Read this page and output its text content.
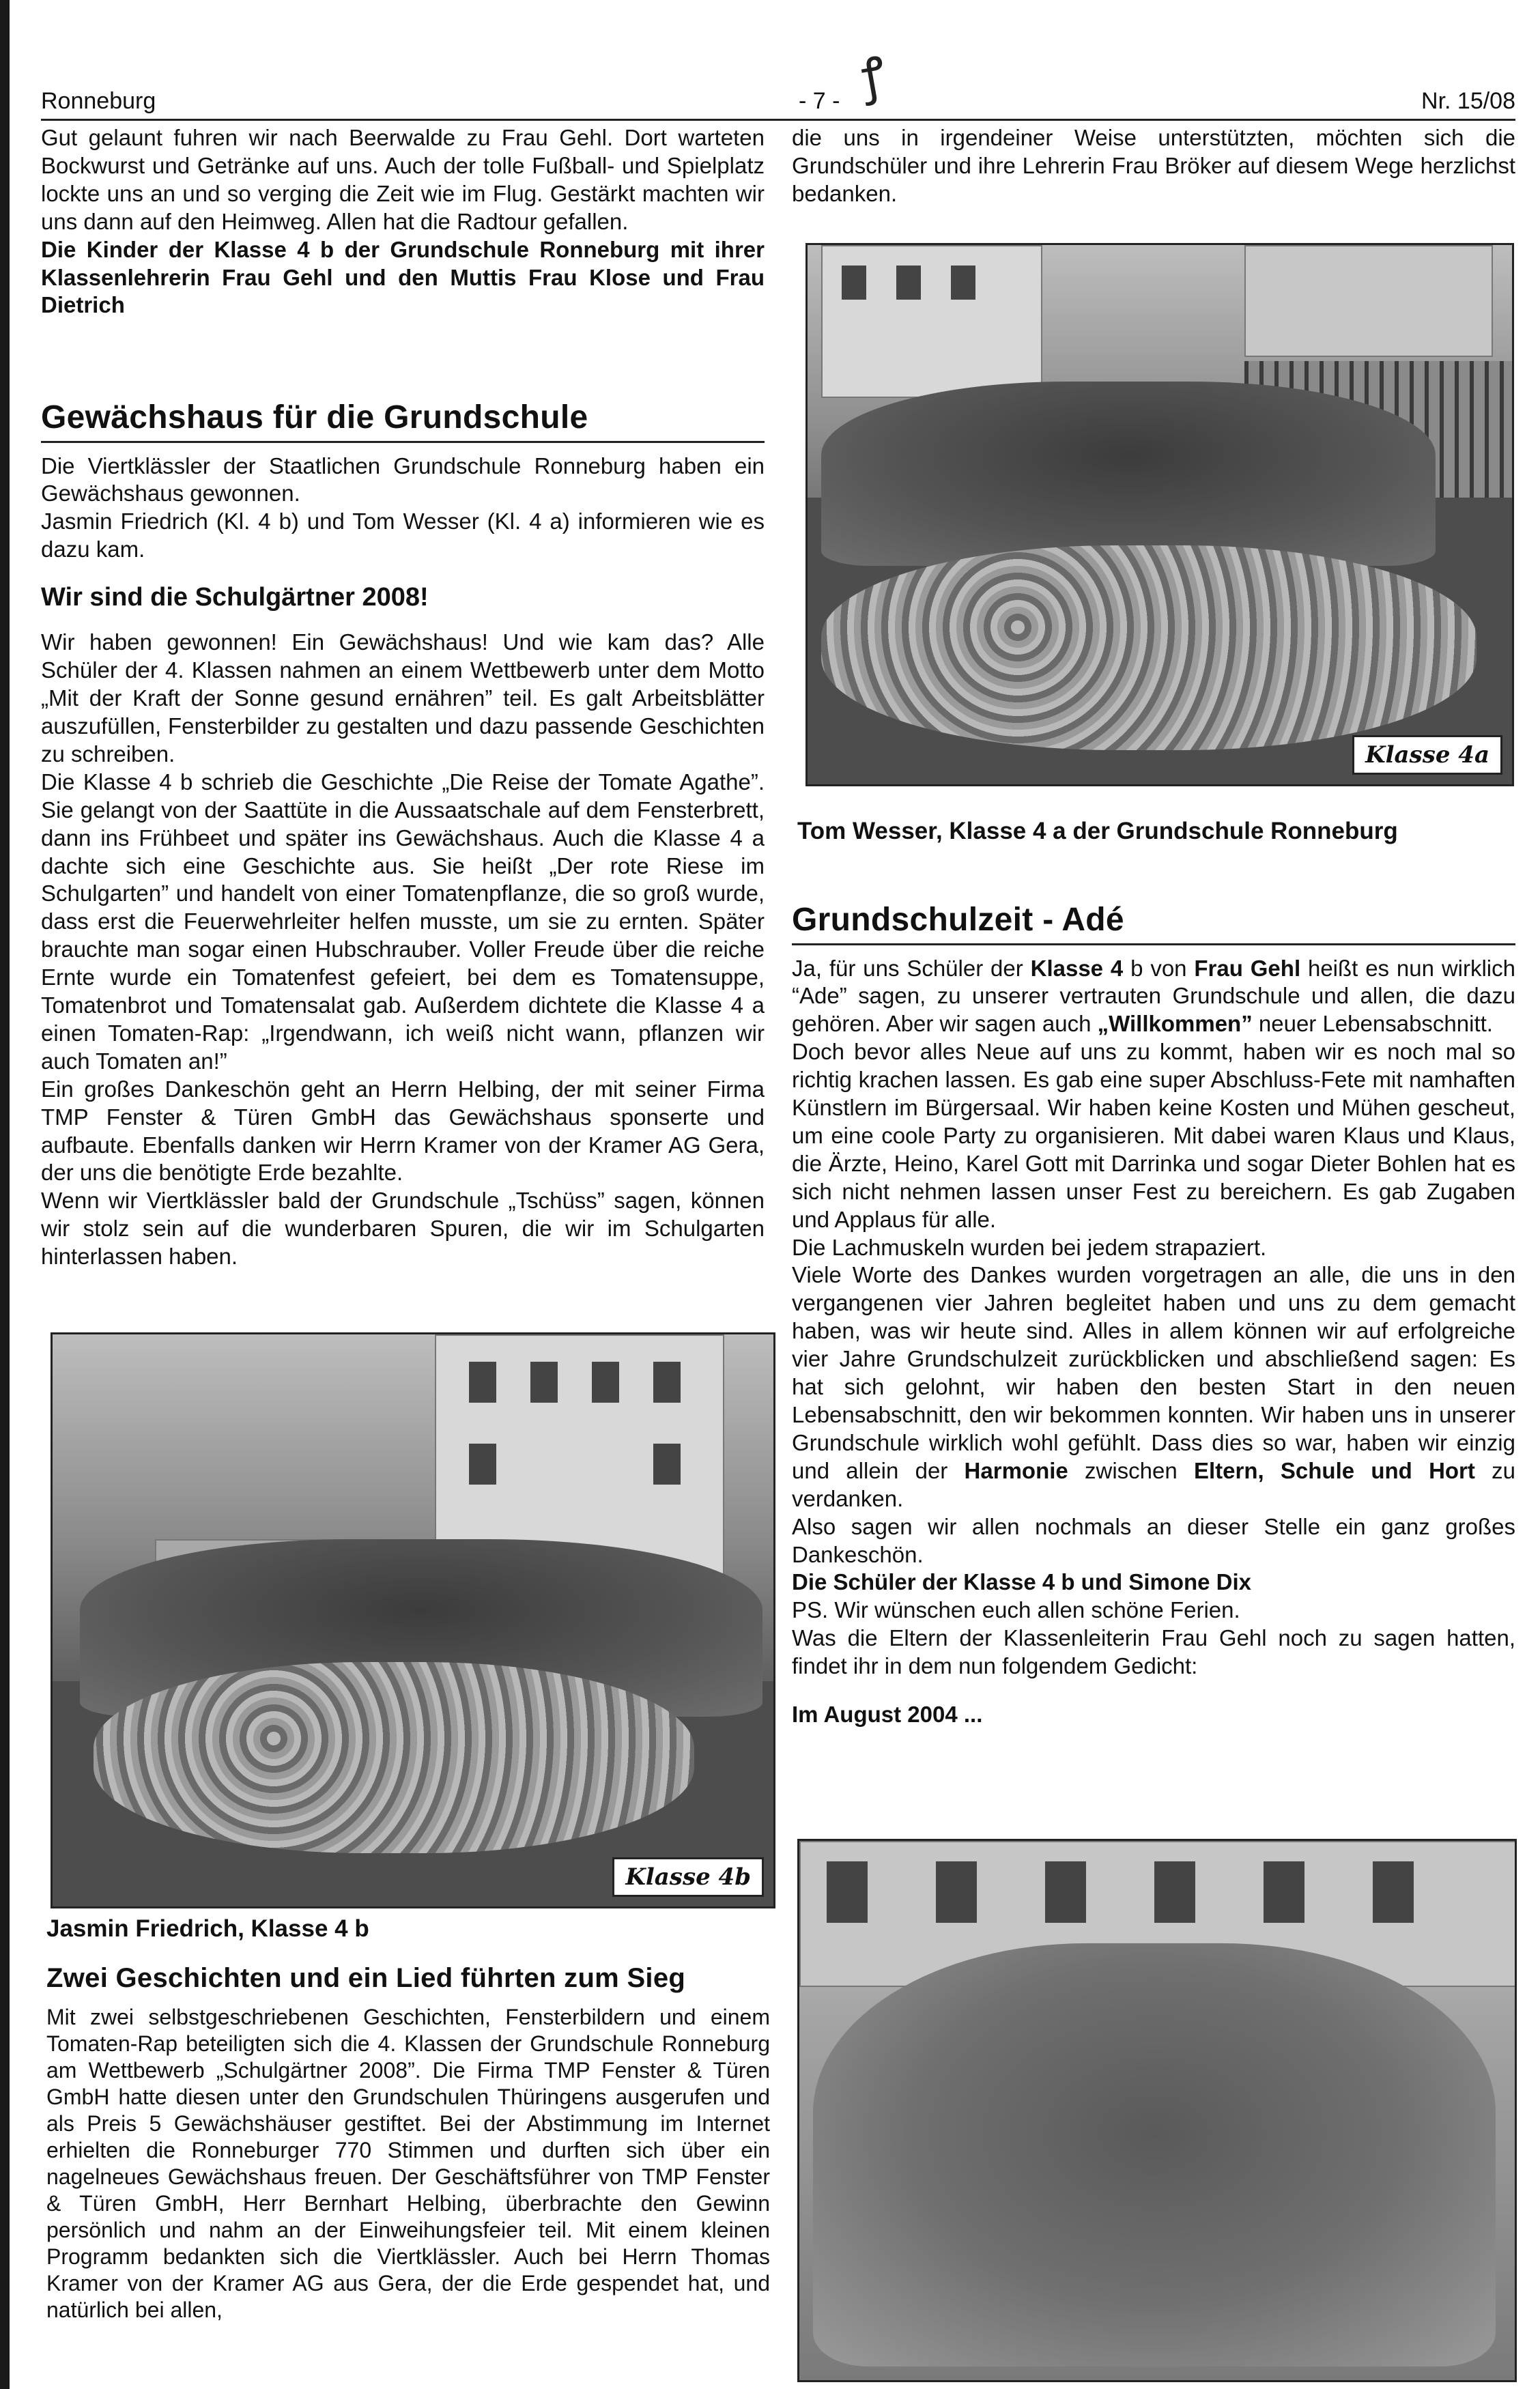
ꝭ
Ronneburg	- 7 -	Nr. 15/08

Gut gelaunt fuhren wir nach Beerwalde zu Frau Gehl. Dort warteten Bockwurst und Getränke auf uns. Auch der tolle Fußball- und Spielplatz lockte uns an und so verging die Zeit wie im Flug. Gestärkt machten wir uns dann auf den Heimweg. Allen hat die Radtour gefallen.

Die Kinder der Klasse 4 b der Grundschule Ronneburg mit ihrer Klassenlehrerin Frau Gehl und den Muttis Frau Klose und Frau Dietrich

Gewächshaus für die Grundschule

Die Viertklässler der Staatlichen Grundschule Ronneburg haben ein Gewächshaus gewonnen.

Jasmin Friedrich (Kl. 4 b) und Tom Wesser (Kl. 4 a) informieren wie es dazu kam.

Wir sind die Schulgärtner 2008!

Wir haben gewonnen! Ein Gewächshaus! Und wie kam das? Alle Schüler der 4. Klassen nahmen an einem Wettbewerb unter dem Motto „Mit der Kraft der Sonne gesund ernähren” teil. Es galt Arbeitsblätter auszufüllen, Fensterbilder zu gestalten und dazu passende Geschichten zu schreiben.

Die Klasse 4 b schrieb die Geschichte „Die Reise der Tomate Agathe”. Sie gelangt von der Saattüte in die Aussaatschale auf dem Fensterbrett, dann ins Frühbeet und später ins Gewächshaus. Auch die Klasse 4 a dachte sich eine Geschichte aus. Sie heißt „Der rote Riese im Schulgarten” und handelt von einer Tomatenpflanze, die so groß wurde, dass erst die Feuerwehrleiter helfen musste, um sie zu ernten. Später brauchte man sogar einen Hubschrauber. Voller Freude über die reiche Ernte wurde ein Tomatenfest gefeiert, bei dem es Tomatensuppe, Tomatenbrot und Tomatensalat gab. Außerdem dichtete die Klasse 4 a einen Tomaten-Rap: „Irgendwann, ich weiß nicht wann, pflanzen wir auch Tomaten an!”

Ein großes Dankeschön geht an Herrn Helbing, der mit seiner Firma TMP Fenster & Türen GmbH das Gewächshaus sponserte und aufbaute. Ebenfalls danken wir Herrn Kramer von der Kramer AG Gera, der uns die benötigte Erde bezahlte.

Wenn wir Viertklässler bald der Grundschule „Tschüss” sagen, können wir stolz sein auf die wunderbaren Spuren, die wir im Schulgarten hinterlassen haben.

Klasse 4b

Jasmin Friedrich, Klasse 4 b

Zwei Geschichten und ein Lied führten zum Sieg

Mit zwei selbstgeschriebenen Geschichten, Fensterbildern und einem Tomaten-Rap beteiligten sich die 4. Klassen der Grundschule Ronneburg am Wettbewerb „Schulgärtner 2008”. Die Firma TMP Fenster & Türen GmbH hatte diesen unter den Grundschulen Thüringens ausgerufen und als Preis 5 Gewächshäuser gestiftet. Bei der Abstimmung im Internet erhielten die Ronneburger 770 Stimmen und durften sich über ein nagelneues Gewächshaus freuen. Der Geschäftsführer von TMP Fenster & Türen GmbH, Herr Bernhart Helbing, überbrachte den Gewinn persönlich und nahm an der Einweihungsfeier teil. Mit einem kleinen Programm bedankten sich die Viertklässler. Auch bei Herrn Thomas Kramer von der Kramer AG aus Gera, der die Erde gespendet hat, und natürlich bei allen,

die uns in irgendeiner Weise unterstützten, möchten sich die Grundschüler und ihre Lehrerin Frau Bröker auf diesem Wege herzlichst bedanken.

Klasse 4a

Tom Wesser, Klasse 4 a der Grundschule Ronneburg

Grundschulzeit - Adé

Ja, für uns Schüler der Klasse 4 b von Frau Gehl heißt es nun wirklich “Ade” sagen, zu unserer vertrauten Grundschule und allen, die dazu gehören. Aber wir sagen auch „Willkommen” neuer Lebensabschnitt.

Doch bevor alles Neue auf uns zu kommt, haben wir es noch mal so richtig krachen lassen. Es gab eine super Abschluss-Fete mit namhaften Künstlern im Bürgersaal. Wir haben keine Kosten und Mühen gescheut, um eine coole Party zu organisieren. Mit dabei waren Klaus und Klaus, die Ärzte, Heino, Karel Gott mit Darrinka und sogar Dieter Bohlen hat es sich nicht nehmen lassen unser Fest zu bereichern. Es gab Zugaben und Applaus für alle.

Die Lachmuskeln wurden bei jedem strapaziert.

Viele Worte des Dankes wurden vorgetragen an alle, die uns in den vergangenen vier Jahren begleitet haben und uns zu dem gemacht haben, was wir heute sind. Alles in allem können wir auf erfolgreiche vier Jahre Grundschulzeit zurückblicken und abschließend sagen: Es hat sich gelohnt, wir haben den besten Start in den neuen Lebensabschnitt, den wir bekommen konnten. Wir haben uns in unserer Grundschule wirklich wohl gefühlt. Dass dies so war, haben wir einzig und allein der Harmonie zwischen Eltern, Schule und Hort zu verdanken.

Also sagen wir allen nochmals an dieser Stelle ein ganz großes Dankeschön.

Die Schüler der Klasse 4 b und Simone Dix

PS. Wir wünschen euch allen schöne Ferien.

Was die Eltern der Klassenleiterin Frau Gehl noch zu sagen hatten, findet ihr in dem nun folgendem Gedicht:

Im August 2004 ...
